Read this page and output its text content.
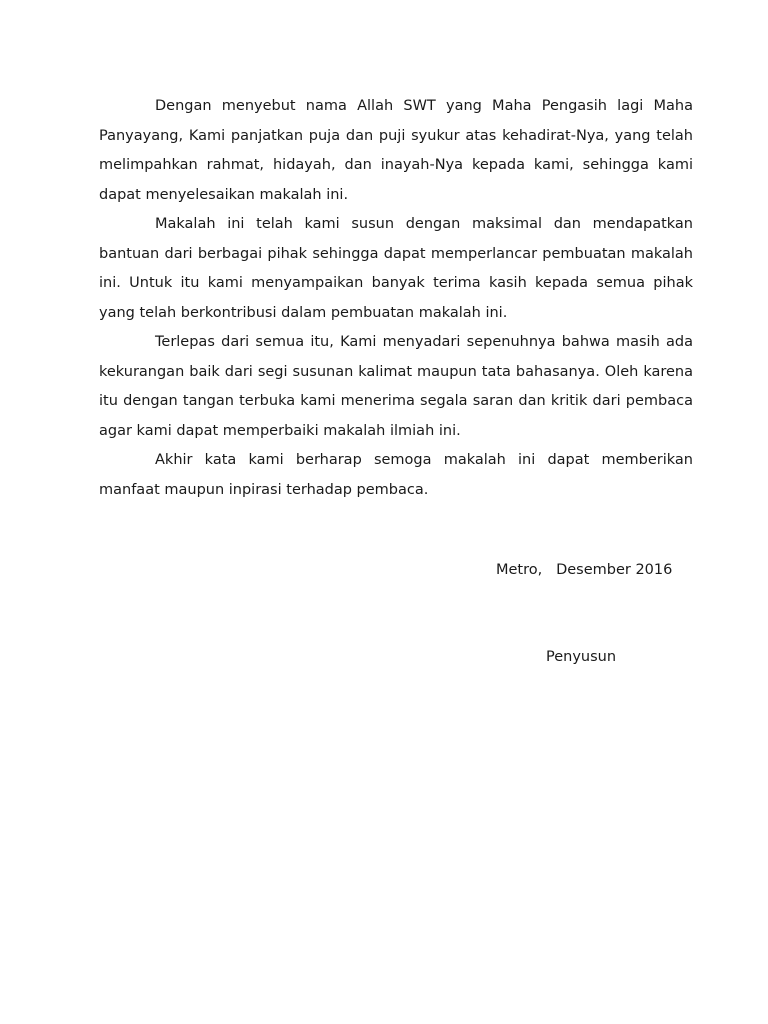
Dengan menyebut nama Allah SWT yang Maha Pengasih lagi Maha Panyayang, Kami panjatkan puja dan puji syukur atas kehadirat-Nya, yang telah melimpahkan rahmat, hidayah, dan inayah-Nya kepada kami, sehingga kami dapat menyelesaikan makalah ini.

Makalah ini telah kami susun dengan maksimal dan mendapatkan bantuan dari berbagai pihak sehingga dapat memperlancar pembuatan makalah ini. Untuk itu kami menyampaikan banyak terima kasih kepada semua pihak yang telah berkontribusi dalam pembuatan makalah ini.

Terlepas dari semua itu, Kami menyadari sepenuhnya bahwa masih ada kekurangan baik dari segi susunan kalimat maupun tata bahasanya. Oleh karena itu dengan tangan terbuka kami menerima segala saran dan kritik dari pembaca agar kami dapat memperbaiki makalah ilmiah ini.

Akhir kata kami berharap semoga makalah ini dapat memberikan manfaat maupun inpirasi terhadap pembaca.

Metro,   Desember 2016
Penyusun
